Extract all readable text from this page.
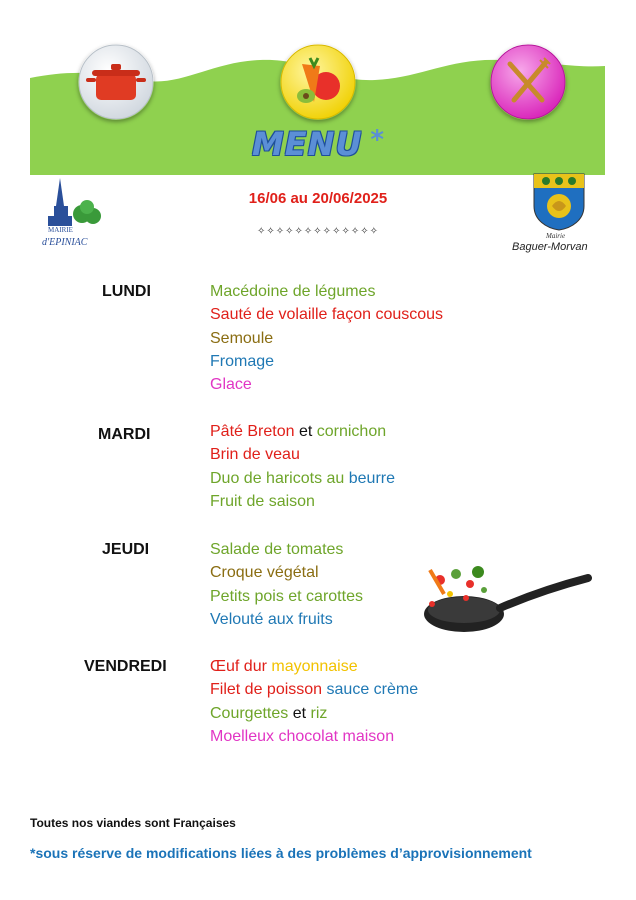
MENU *
MAIRIE
d'EPINIAC
16/06 au 20/06/2025
✧✧✧✧✧✧✧✧✧✧✧✧✧	Mairie
Baguer-Morvan
LUNDI	Macédoine de légumes
Sauté de volaille façon couscous
Semoule
Fromage
Glace
MARDI	Pâté Breton et cornichon
Brin de veau
Duo de haricots au beurre
Fruit de saison
JEUDI	Salade de tomates
Croque végétal
Petits pois et carottes
Velouté aux fruits
VENDREDI	Œuf dur mayonnaise
Filet de poisson sauce crème
Courgettes et riz
Moelleux chocolat maison
Toutes nos viandes sont Françaises
*sous réserve de modifications liées à des problèmes d’approvisionnement
